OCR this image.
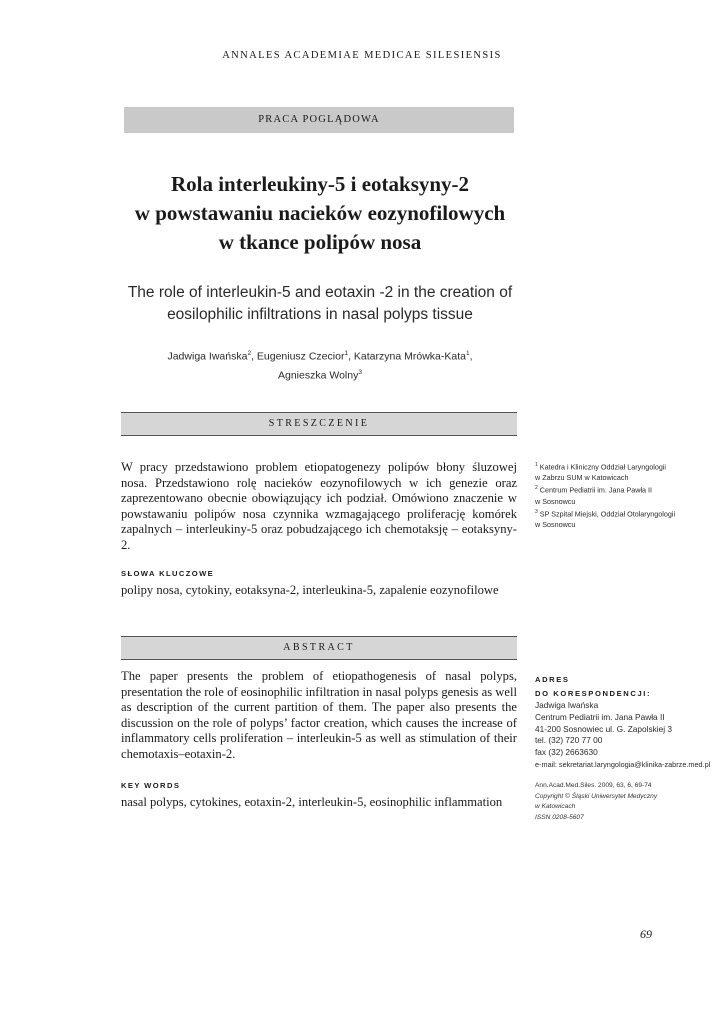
ANNALES ACADEMIAE MEDICAE SILESIENSIS
PRACA POGLĄDOWA
Rola interleukiny-5 i eotaksyny-2
w powstawaniu nacieków eozynofilowych
w tkance polipów nosa
The role of interleukin-5 and eotaxin -2 in the creation of
eosilophilic infiltrations in nasal polyps tissue
Jadwiga Iwańska$^2$, Eugeniusz Czecior$^1$, Katarzyna Mrówka-Kata$^1$,
Agnieszka Wolny$^3$
STRESZCZENIE
W pracy przedstawiono problem etiopatogenezy polipów błony śluzowej nosa. Przedstawiono rolę nacieków eozynofilowych w ich genezie oraz zaprezentowano obecnie obowiązujący ich podział. Omówiono znaczenie w powstawaniu polipów nosa czynnika wzmagającego proliferację komórek zapalnych – interleukiny-5 oraz pobudzającego ich chemotaksję – eotaksyny-2.
SŁOWA KLUCZOWE
polipy nosa, cytokiny, eotaksyna-2, interleukina-5, zapalenie eozynofilowe
ABSTRACT
The paper presents the problem of etiopathogenesis of nasal polyps, presentation the role of eosinophilic infiltration in nasal polyps genesis as well as description of the current partition of them. The paper also presents the discussion on the role of polyps’ factor creation, which causes the increase of inflammatory cells proliferation – interleukin-5 as well as stimulation of their chemotaxis–eotaxin-2.
KEY WORDS
nasal polyps, cytokines, eotaxin-2, interleukin-5, eosinophilic inflammation
$^1$ Katedra i Kliniczny Oddział Laryngologii
w Zabrzu SUM w Katowicach
$^2$ Centrum Pediatrii im. Jana Pawła II
w Sosnowcu
$^3$ SP Szpital Miejski, Oddział Otolaryngologii
w Sosnowcu
ADRES
DO KORESPONDENCJI:
Jadwiga Iwańska
Centrum Pediatrii im. Jana Pawła II
41-200 Sosnowiec ul. G. Zapolskiej 3
tel. (32) 720 77 00
fax (32) 2663630
e-mail: sekretariat.laryngologia@klinika-zabrze.med.pl
Ann.Acad.Med.Siles. 2009, 63, 6, 69-74
Copyright © Śląski Uniwersytet Medyczny
w Katowicach
ISSN 0208-5607
69
